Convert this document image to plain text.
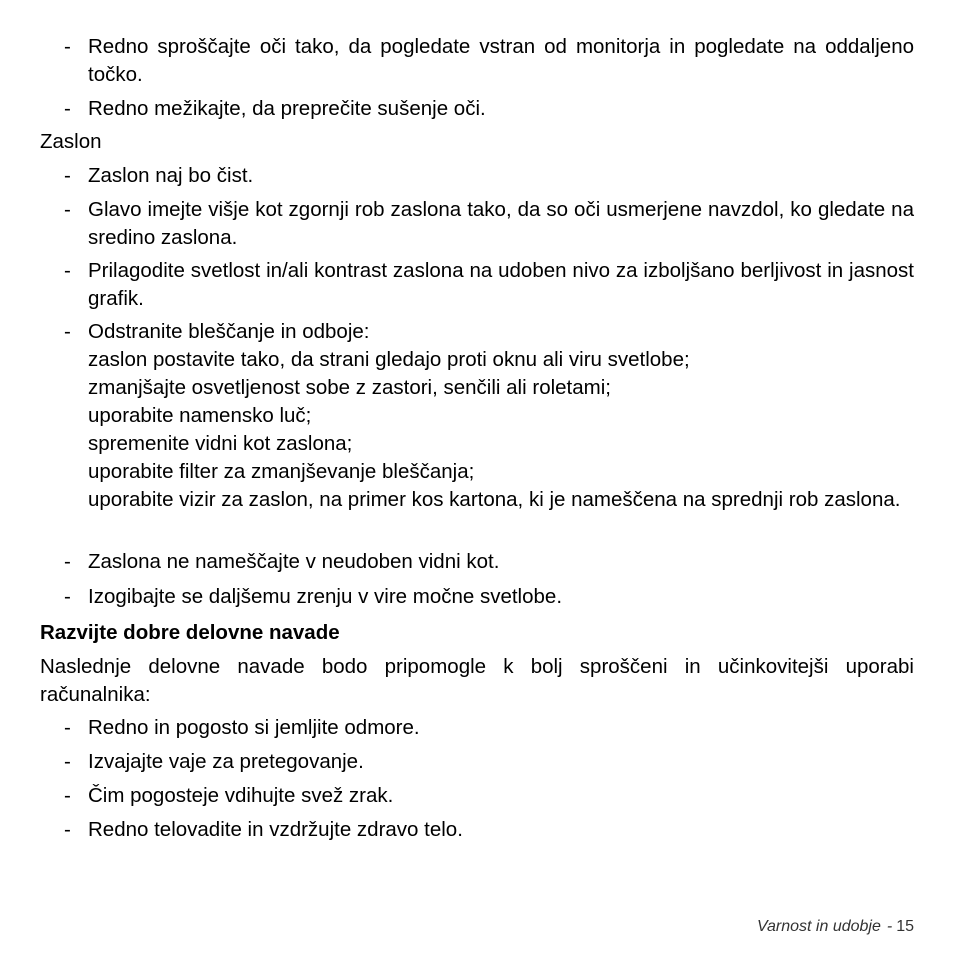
- Redno sproščajte oči tako, da pogledate vstran od monitorja in pogledate na oddaljeno točko.
- Redno mežikajte, da preprečite sušenje oči.
Zaslon
- Zaslon naj bo čist.
- Glavo imejte višje kot zgornji rob zaslona tako, da so oči usmerjene navzdol, ko gledate na sredino zaslona.
- Prilagodite svetlost in/ali kontrast zaslona na udoben nivo za izboljšano berljivost in jasnost grafik.
- Odstranite bleščanje in odboje:
zaslon postavite tako, da strani gledajo proti oknu ali viru svetlobe;
zmanjšajte osvetljenost sobe z zastori, senčili ali roletami;
uporabite namensko luč;
spremenite vidni kot zaslona;
uporabite filter za zmanjševanje bleščanja;
uporabite vizir za zaslon, na primer kos kartona, ki je nameščena na sprednji rob zaslona.
- Zaslona ne nameščajte v neudoben vidni kot.
- Izogibajte se daljšemu zrenju v vire močne svetlobe.
Razvijte dobre delovne navade
Naslednje delovne navade bodo pripomogle k bolj sproščeni in učinkovitejši uporabi računalnika:
- Redno in pogosto si jemljite odmore.
- Izvajajte vaje za pretegovanje.
- Čim pogosteje vdihujte svež zrak.
- Redno telovadite in vzdržujte zdravo telo.
Varnost in udobje - 15
